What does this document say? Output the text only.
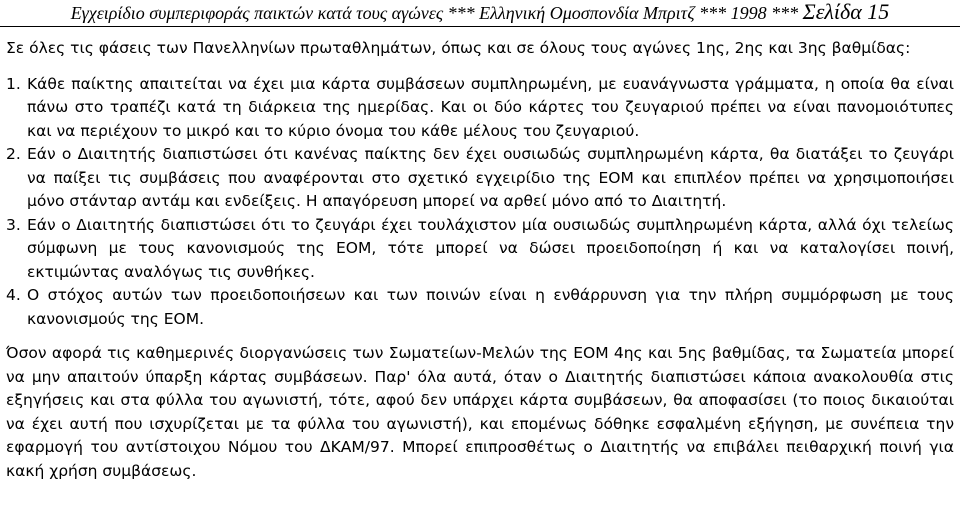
Εγχειρίδιο συμπεριφοράς παικτών κατά τους αγώνες *** Ελληνική Ομοσπονδία Μπριτζ *** 1998 *** Σελίδα 15

Σε όλες τις φάσεις των Πανελληνίων πρωταθλημάτων, όπως και σε όλους τους αγώνες 1ης, 2ης και 3ης βαθμίδας:

1. Κάθε παίκτης απαιτείται να έχει μια κάρτα συμβάσεων συμπληρωμένη, με ευανάγνωστα γράμματα, η οποία θα είναι πάνω στο τραπέζι κατά τη διάρκεια της ημερίδας. Και οι δύο κάρτες του ζευγαριού πρέπει να είναι πανομοιότυπες και να περιέχουν το μικρό και το κύριο όνομα του κάθε μέλους του ζευγαριού.
2. Εάν ο Διαιτητής διαπιστώσει ότι κανένας παίκτης δεν έχει ουσιωδώς συμπληρωμένη κάρτα, θα διατάξει το ζευγάρι να παίξει τις συμβάσεις που αναφέρονται στο σχετικό εγχειρίδιο της ΕΟΜ και επιπλέον πρέπει να χρησιμοποιήσει μόνο στάνταρ αντάμ και ενδείξεις. Η απαγόρευση μπορεί να αρθεί μόνο από το Διαιτητή.
3. Εάν ο Διαιτητής διαπιστώσει ότι το ζευγάρι έχει τουλάχιστον μία ουσιωδώς συμπληρωμένη κάρτα, αλλά όχι τελείως σύμφωνη με τους κανονισμούς της ΕΟΜ, τότε μπορεί να δώσει προειδοποίηση ή και να καταλογίσει ποινή, εκτιμώντας αναλόγως τις συνθήκες.
4. Ο στόχος αυτών των προειδοποιήσεων και των ποινών είναι η ενθάρρυνση για την πλήρη συμμόρφωση με τους κανονισμούς της ΕΟΜ.

Όσον αφορά τις καθημερινές διοργανώσεις των Σωματείων-Μελών της ΕΟΜ 4ης και 5ης βαθμίδας, τα Σωματεία μπορεί να μην απαιτούν ύπαρξη κάρτας συμβάσεων. Παρ' όλα αυτά, όταν ο Διαιτητής διαπιστώσει κάποια ανακολουθία στις εξηγήσεις και στα φύλλα του αγωνιστή, τότε, αφού δεν υπάρχει κάρτα συμβάσεων, θα αποφασίσει (το ποιος δικαιούται να έχει αυτή που ισχυρίζεται με τα φύλλα του αγωνιστή), και επομένως δόθηκε εσφαλμένη εξήγηση, με συνέπεια την εφαρμογή του αντίστοιχου Νόμου του ΔΚΑΜ/97. Μπορεί επιπροσθέτως ο Διαιτητής να επιβάλει πειθαρχική ποινή για κακή χρήση συμβάσεως.
